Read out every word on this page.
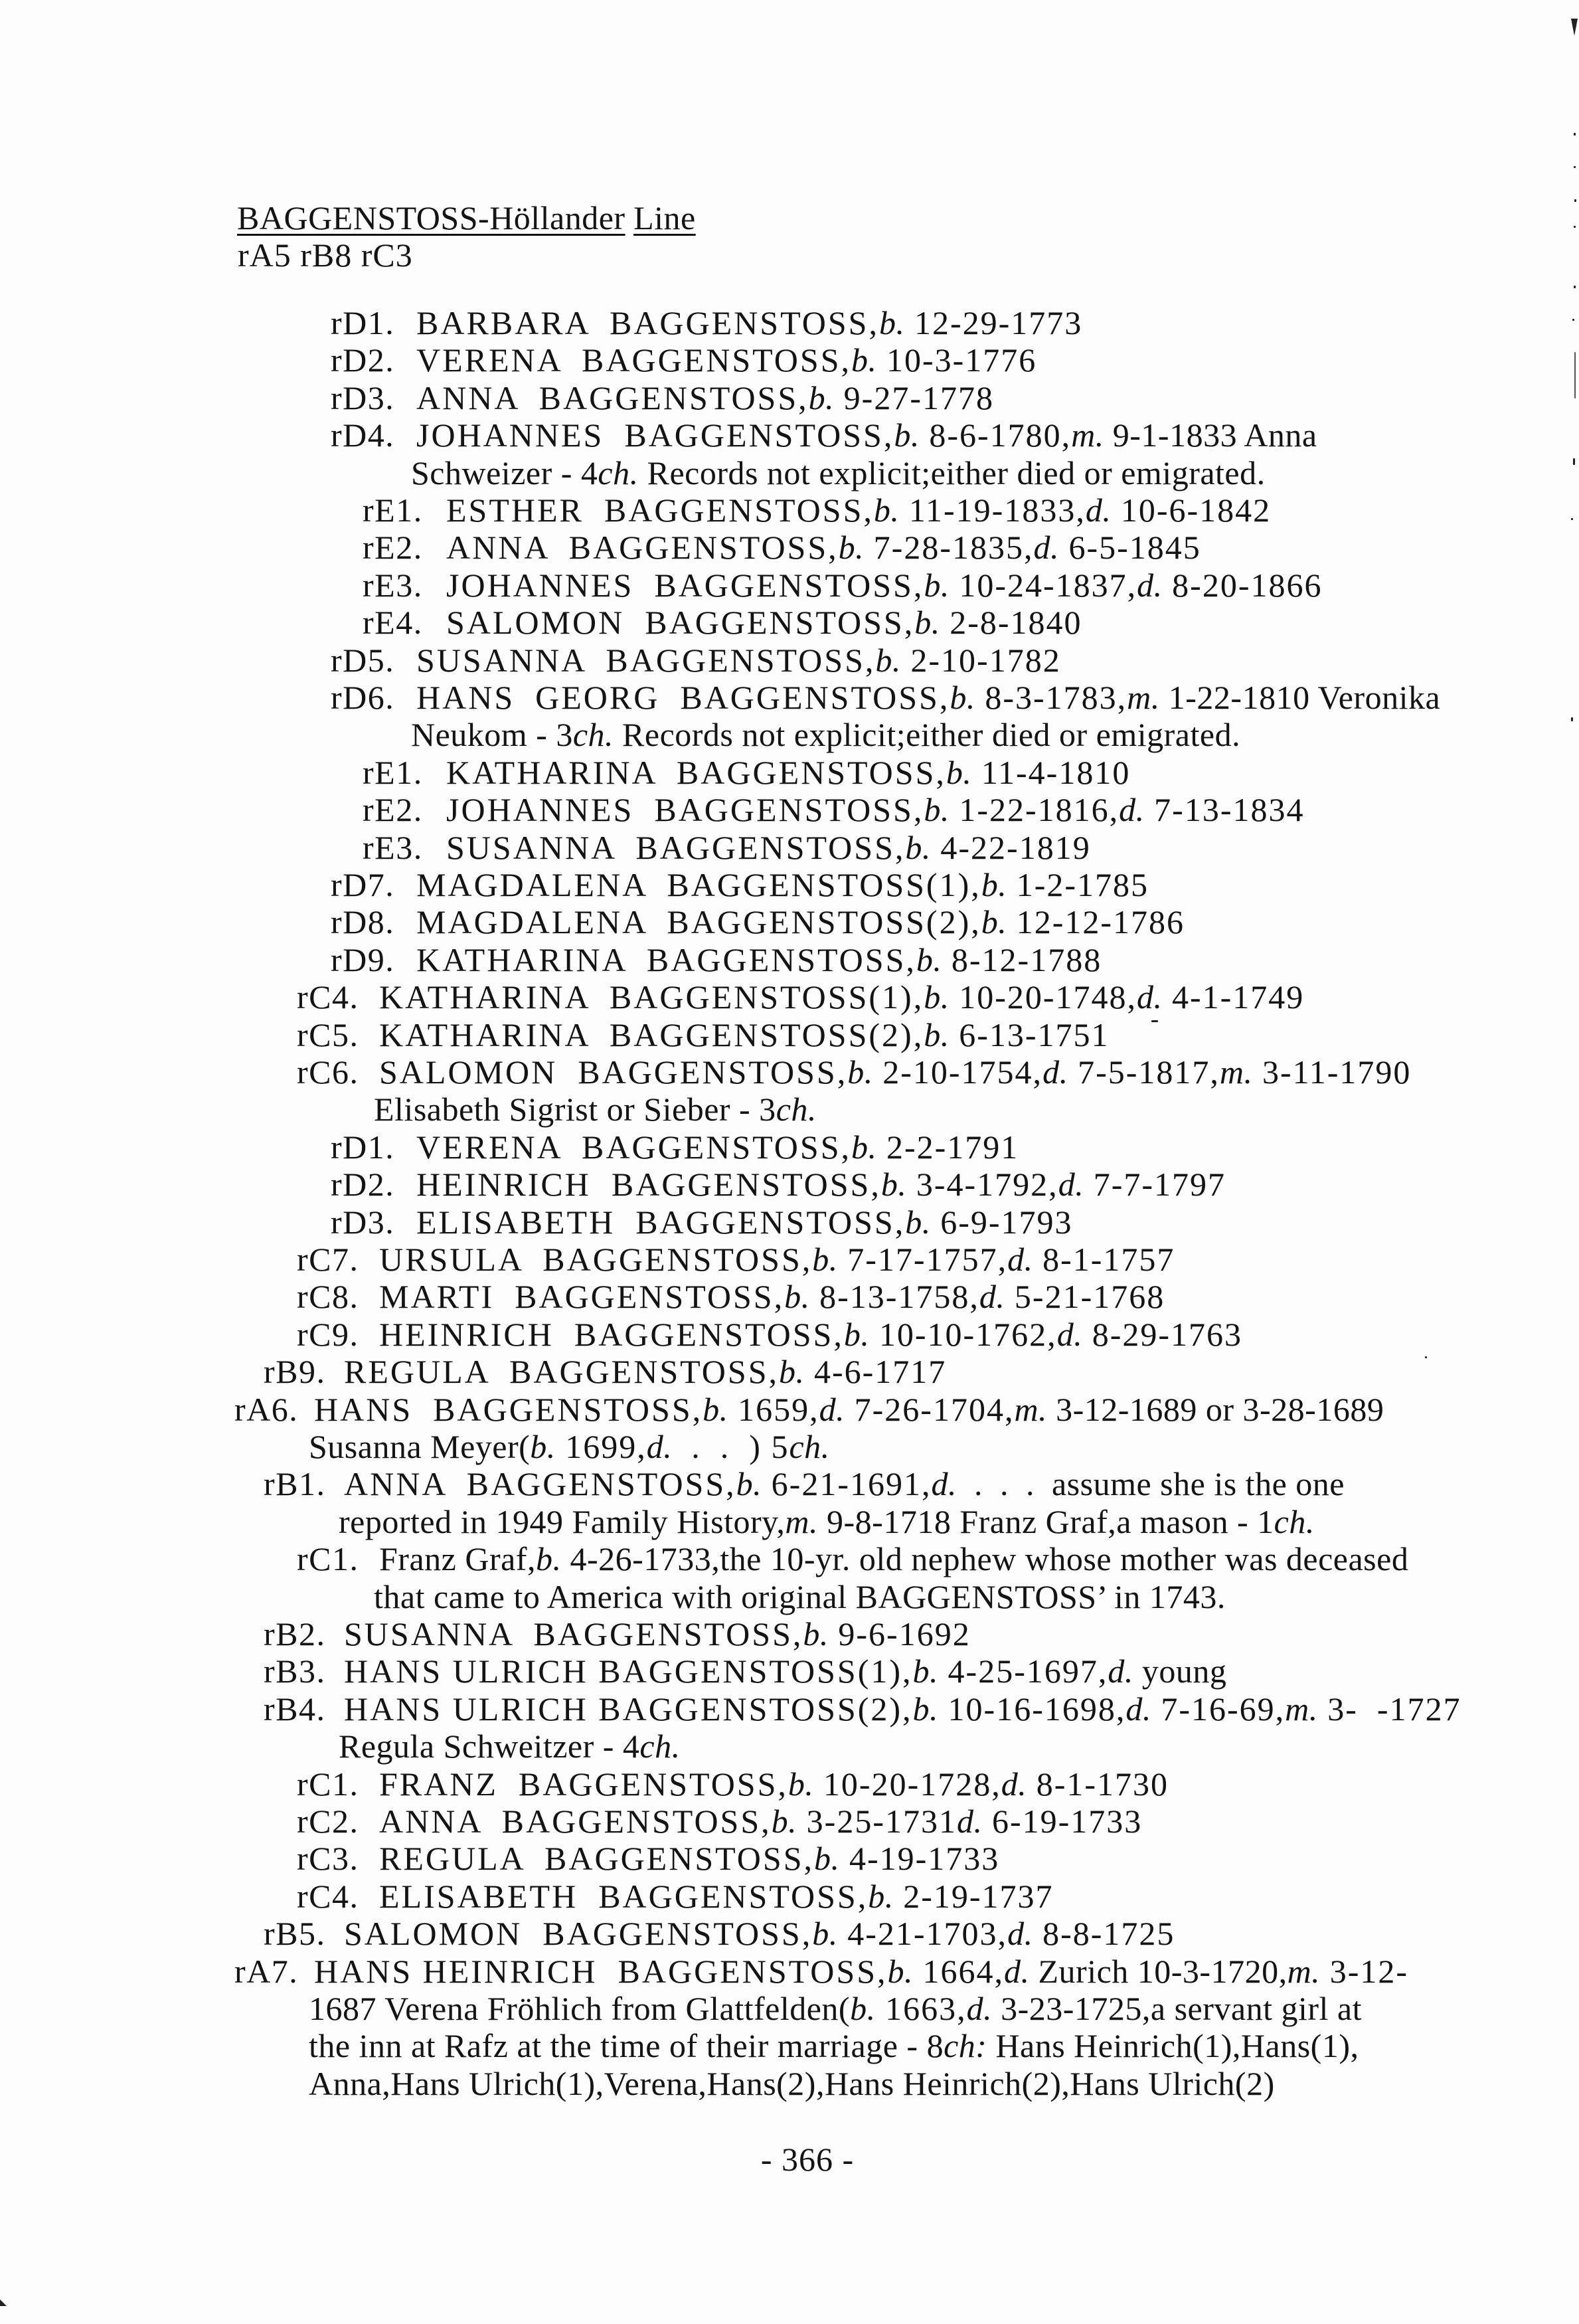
BAGGENSTOSS-Höllander Line
rA5 rB8 rC3
rD1. BARBARA  BAGGENSTOSS,b. 12-29-1773
rD2. VERENA  BAGGENSTOSS,b. 10-3-1776
rD3. ANNA  BAGGENSTOSS,b. 9-27-1778
rD4. JOHANNES  BAGGENSTOSS,b. 8-6-1780,m. 9-1-1833 Anna
Schweizer - 4ch. Records not explicit;either died or emigrated.
rE1. ESTHER  BAGGENSTOSS,b. 11-19-1833,d. 10-6-1842
rE2. ANNA  BAGGENSTOSS,b. 7-28-1835,d. 6-5-1845
rE3. JOHANNES  BAGGENSTOSS,b. 10-24-1837,d. 8-20-1866
rE4. SALOMON  BAGGENSTOSS,b. 2-8-1840
rD5. SUSANNA  BAGGENSTOSS,b. 2-10-1782
rD6. HANS  GEORG  BAGGENSTOSS,b. 8-3-1783,m. 1-22-1810 Veronika
Neukom - 3ch. Records not explicit;either died or emigrated.
rE1. KATHARINA  BAGGENSTOSS,b. 11-4-1810
rE2. JOHANNES  BAGGENSTOSS,b. 1-22-1816,d. 7-13-1834
rE3. SUSANNA  BAGGENSTOSS,b. 4-22-1819
rD7. MAGDALENA  BAGGENSTOSS(1),b. 1-2-1785
rD8. MAGDALENA  BAGGENSTOSS(2),b. 12-12-1786
rD9. KATHARINA  BAGGENSTOSS,b. 8-12-1788
rC4. KATHARINA  BAGGENSTOSS(1),b. 10-20-1748,d. 4-1-1749
rC5. KATHARINA  BAGGENSTOSS(2),b. 6-13-1751
rC6. SALOMON  BAGGENSTOSS,b. 2-10-1754,d. 7-5-1817,m. 3-11-1790
Elisabeth Sigrist or Sieber - 3ch.
rD1. VERENA  BAGGENSTOSS,b. 2-2-1791
rD2. HEINRICH  BAGGENSTOSS,b. 3-4-1792,d. 7-7-1797
rD3. ELISABETH  BAGGENSTOSS,b. 6-9-1793
rC7. URSULA  BAGGENSTOSS,b. 7-17-1757,d. 8-1-1757
rC8. MARTI  BAGGENSTOSS,b. 8-13-1758,d. 5-21-1768
rC9. HEINRICH  BAGGENSTOSS,b. 10-10-1762,d. 8-29-1763
rB9. REGULA  BAGGENSTOSS,b. 4-6-1717
rA6. HANS  BAGGENSTOSS,b. 1659,d. 7-26-1704,m. 3-12-1689 or 3-28-1689
Susanna Meyer(b. 1699,d.  .  .  ) 5ch.
rB1. ANNA  BAGGENSTOSS,b. 6-21-1691,d.  .  .  .  assume she is the one
reported in 1949 Family History,m. 9-8-1718 Franz Graf,a mason - 1ch.
rC1. Franz Graf,b. 4-26-1733,the 10-yr. old nephew whose mother was deceased
that came to America with original BAGGENSTOSS’ in 1743.
rB2. SUSANNA  BAGGENSTOSS,b. 9-6-1692
rB3. HANS ULRICH BAGGENSTOSS(1),b. 4-25-1697,d. young
rB4. HANS ULRICH BAGGENSTOSS(2),b. 10-16-1698,d. 7-16-69,m. 3-  -1727
Regula Schweitzer - 4ch.
rC1. FRANZ  BAGGENSTOSS,b. 10-20-1728,d. 8-1-1730
rC2. ANNA  BAGGENSTOSS,b. 3-25-1731d. 6-19-1733
rC3. REGULA  BAGGENSTOSS,b. 4-19-1733
rC4. ELISABETH  BAGGENSTOSS,b. 2-19-1737
rB5. SALOMON  BAGGENSTOSS,b. 4-21-1703,d. 8-8-1725
rA7. HANS HEINRICH  BAGGENSTOSS,b. 1664,d. Zurich 10-3-1720,m. 3-12-
1687 Verena Fröhlich from Glattfelden(b. 1663,d. 3-23-1725,a servant girl at
the inn at Rafz at the time of their marriage - 8ch: Hans Heinrich(1),Hans(1),
Anna,Hans Ulrich(1),Verena,Hans(2),Hans Heinrich(2),Hans Ulrich(2)
- 366 -
